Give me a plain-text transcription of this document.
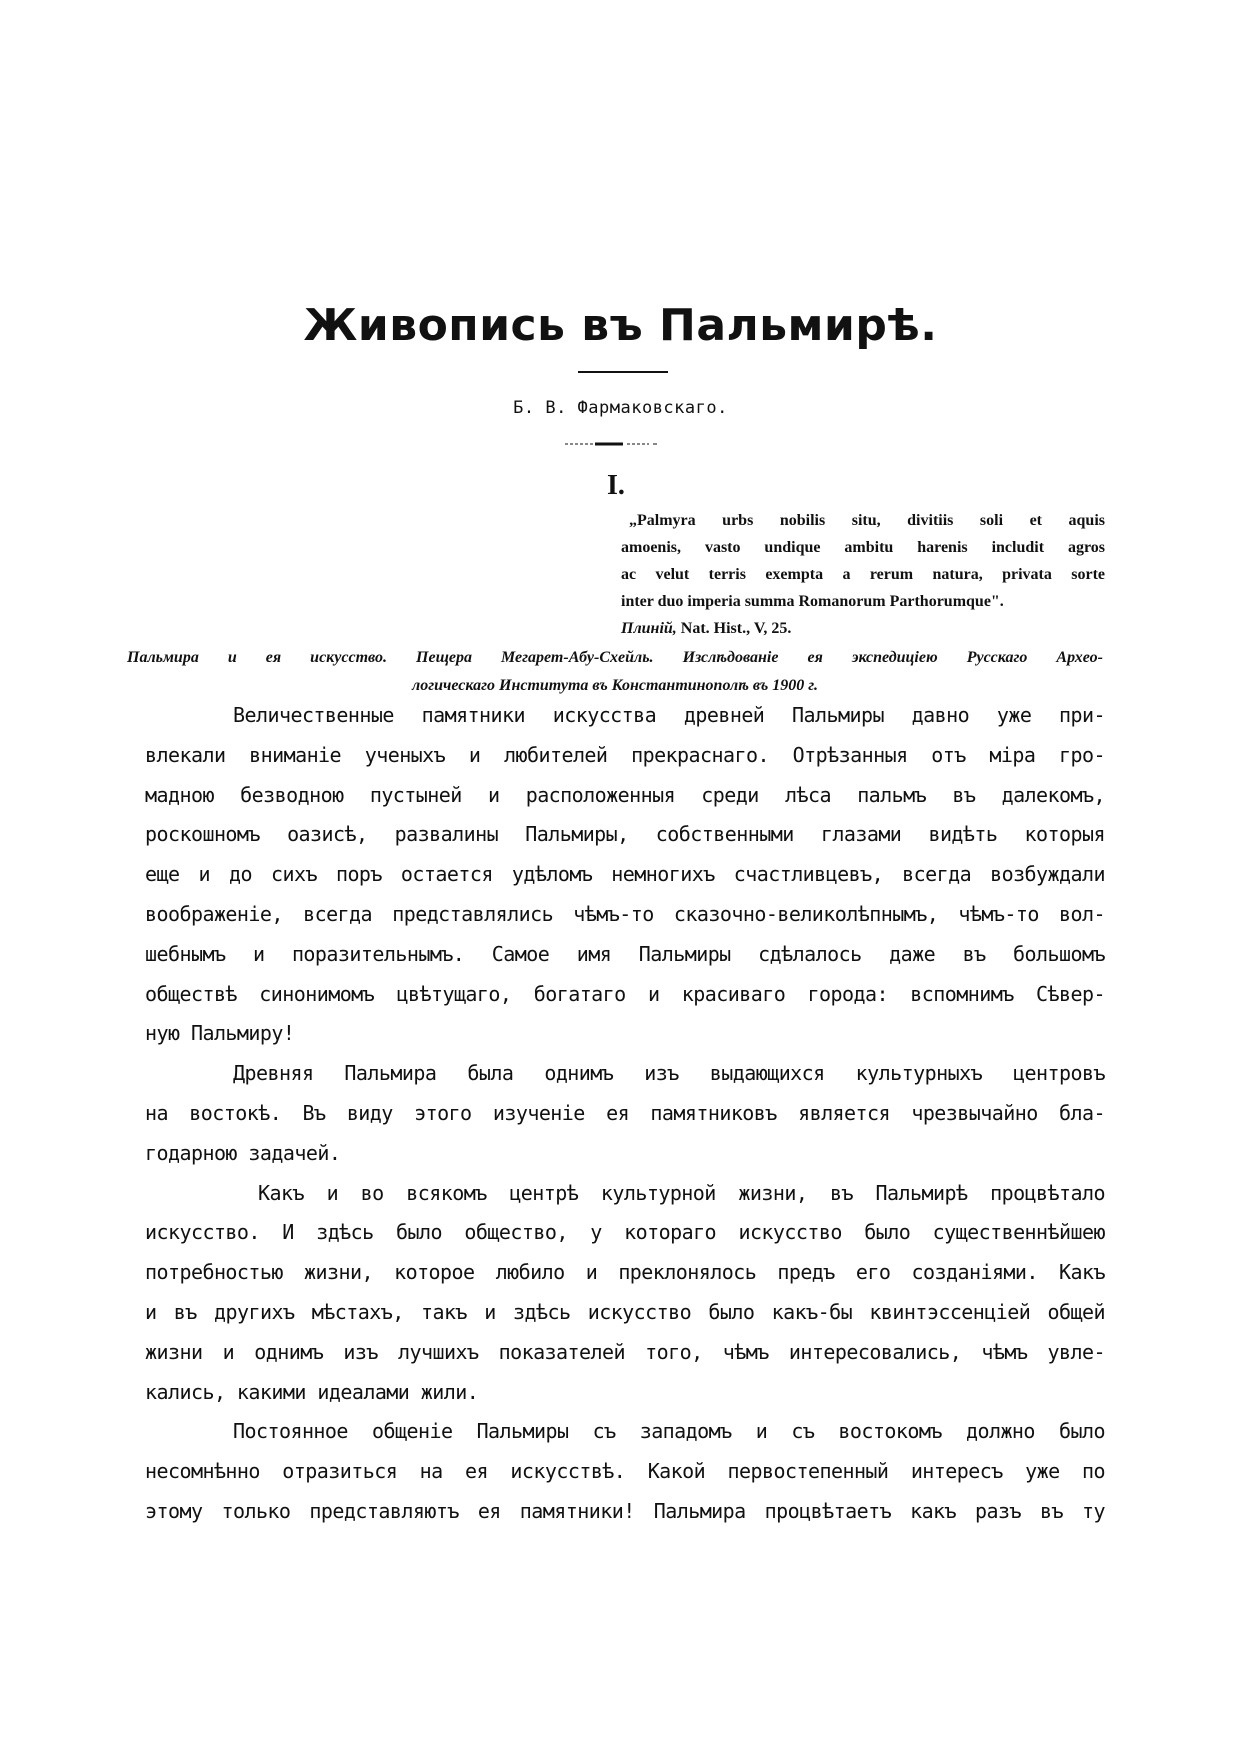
Живопись въ Пальмирѣ.
Б. В. Фармаковскаго.
I.
„Palmyra urbs nobilis situ, divitiis soli et aquis
amoenis, vasto undique ambitu harenis includit agros
ac velut terris exempta a rerum natura, privata sorte
inter duo imperia summa Romanorum Parthorumque".
Плиній, Nat. Hist., V, 25.
Пальмира и ея искусство. Пещера Мегарет-Абу-Схейль. Изслѣдованіе ея экспедиціею Русскаго Архео-
логическаго Института въ Константинополѣ въ 1900 г.
Величественные памятники искусства древней Пальмиры давно уже при-
влекали вниманіе ученыхъ и любителей прекраснаго. Отрѣзанныя отъ міра гро-
мадною безводною пустыней и расположенныя среди лѣса пальмъ въ далекомъ,
роскошномъ оазисѣ, развалины Пальмиры, собственными глазами видѣть которыя
еще и до сихъ поръ остается удѣломъ немногихъ счастливцевъ, всегда возбуждали
воображеніе, всегда представлялись чѣмъ-то сказочно-великолѣпнымъ, чѣмъ-то вол-
шебнымъ и поразительнымъ. Самое имя Пальмиры сдѣлалось даже въ большомъ
обществѣ синонимомъ цвѣтущаго, богатаго и красиваго города: вспомнимъ Сѣвер-
ную Пальмиру!
Древняя Пальмира была однимъ изъ выдающихся культурныхъ центровъ
на востокѣ. Въ виду этого изученіе ея памятниковъ является чрезвычайно бла-
годарною задачей.
Какъ и во всякомъ центрѣ культурной жизни, въ Пальмирѣ процвѣтало
искусство. И здѣсь было общество, у котораго искусство было существеннѣйшею
потребностью жизни, которое любило и преклонялось предъ его созданіями. Какъ
и въ другихъ мѣстахъ, такъ и здѣсь искусство было какъ-бы квинтэссенціей общей
жизни и однимъ изъ лучшихъ показателей того, чѣмъ интересовались, чѣмъ увле-
кались, какими идеалами жили.
Постоянное общеніе Пальмиры съ западомъ и съ востокомъ должно было
несомнѣнно отразиться на ея искусствѣ. Какой первостепенный интересъ уже по
этому только представляютъ ея памятники! Пальмира процвѣтаетъ какъ разъ въ ту
